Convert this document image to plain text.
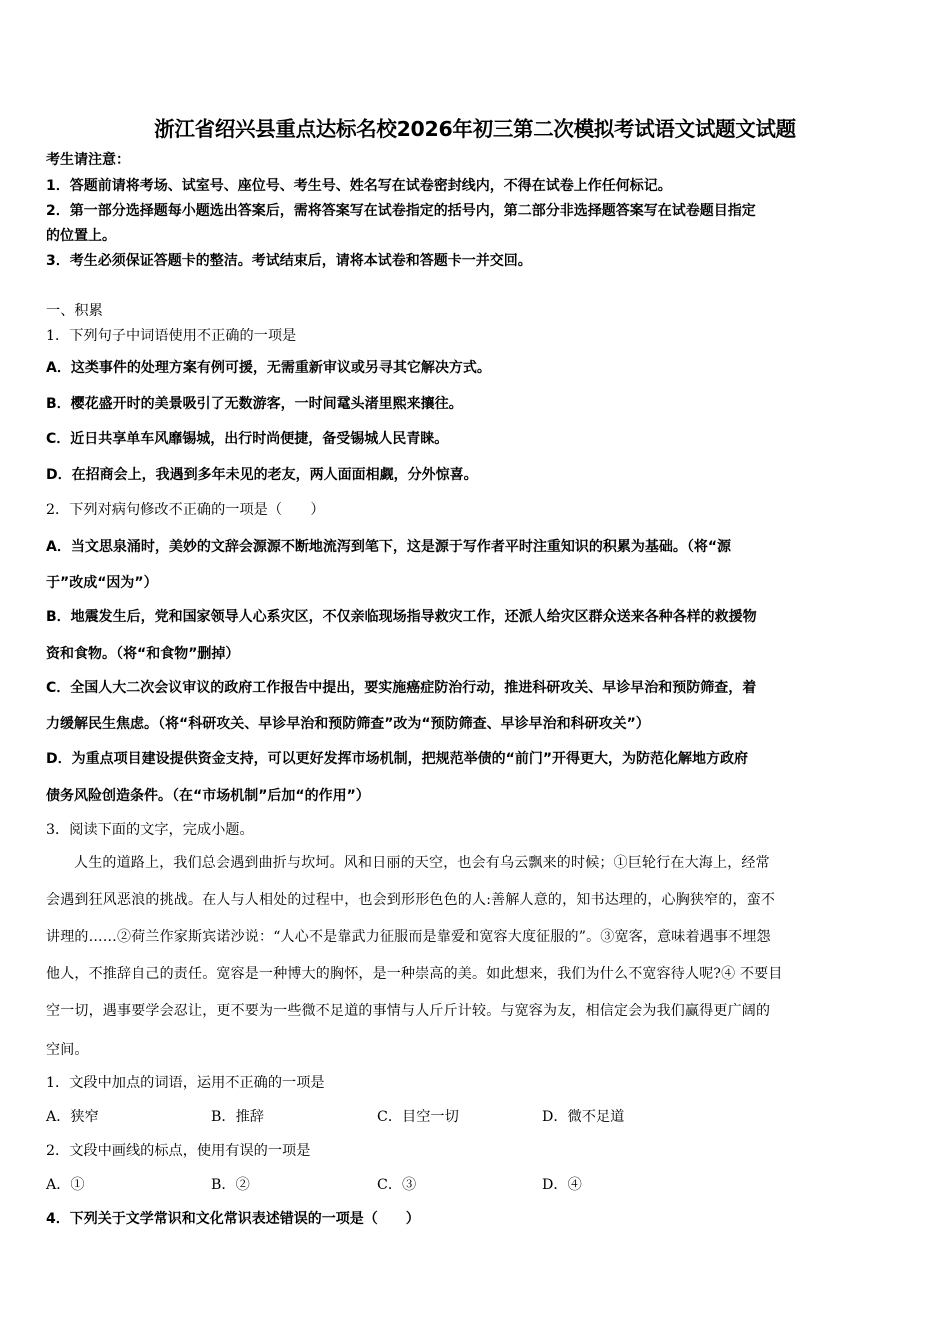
浙江省绍兴县重点达标名校2026年初三第二次模拟考试语文试题文试题
考生请注意：
1．答题前请将考场、试室号、座位号、考生号、姓名写在试卷密封线内，不得在试卷上作任何标记。
2．第一部分选择题每小题选出答案后，需将答案写在试卷指定的括号内，第二部分非选择题答案写在试卷题目指定
的位置上。
3．考生必须保证答题卡的整洁。考试结束后，请将本试卷和答题卡一并交回。
一、积累
1．下列句子中词语使用不正确的一项是
A．这类事件的处理方案有例可援，无需重新审议或另寻其它解决方式。
B．樱花盛开时的美景吸引了无数游客，一时间鼋头渚里熙来攘往。
C．近日共享单车风靡锡城，出行时尚便捷，备受锡城人民青睐。
D．在招商会上，我遇到多年未见的老友，两人面面相觑，分外惊喜。
2．下列对病句修改不正确的一项是（　　）
A．当文思泉涌时，美妙的文辞会源源不断地流泻到笔下，这是源于写作者平时注重知识的积累为基础。（将“源
于”改成“因为”）
B．地震发生后，党和国家领导人心系灾区，不仅亲临现场指导救灾工作，还派人给灾区群众送来各种各样的救援物
资和食物。（将“和食物”删掉）
C．全国人大二次会议审议的政府工作报告中提出，要实施癌症防治行动，推进科研攻关、早诊早治和预防筛查，着
力缓解民生焦虑。（将“科研攻关、早诊早治和预防筛查”改为“预防筛查、早诊早治和科研攻关”）
D．为重点项目建设提供资金支持，可以更好发挥市场机制，把规范举债的“前门”开得更大，为防范化解地方政府
债务风险创造条件。（在“市场机制”后加“的作用”）
3．阅读下面的文字，完成小题。
人生的道路上，我们总会遇到曲折与坎坷。风和日丽的天空，也会有乌云飘来的时候；①巨轮行在大海上，经常
会遇到狂风恶浪的挑战。在人与人相处的过程中，也会到形形色色的人:善解人意的，知书达理的，心胸狭窄的，蛮不
讲理的……②荷兰作家斯宾诺沙说：“人心不是靠武力征服而是靠爱和宽容大度征服的”。③宽客，意味着遇事不埋怨
他人，不推辞自己的责任。宽容是一种博大的胸怀，是一种崇高的美。如此想来，我们为什么不宽容待人呢?④ 不要目
空一切，遇事要学会忍让，更不要为一些微不足道的事情与人斤斤计较。与宽容为友，相信定会为我们赢得更广阔的
空间。
1．文段中加点的词语，运用不正确的一项是
A．狭窄	B．推辞	C．目空一切	D．微不足道
2．文段中画线的标点，使用有误的一项是
A．①	B．②	C．③	D．④
4．下列关于文学常识和文化常识表述错误的一项是（　　）
